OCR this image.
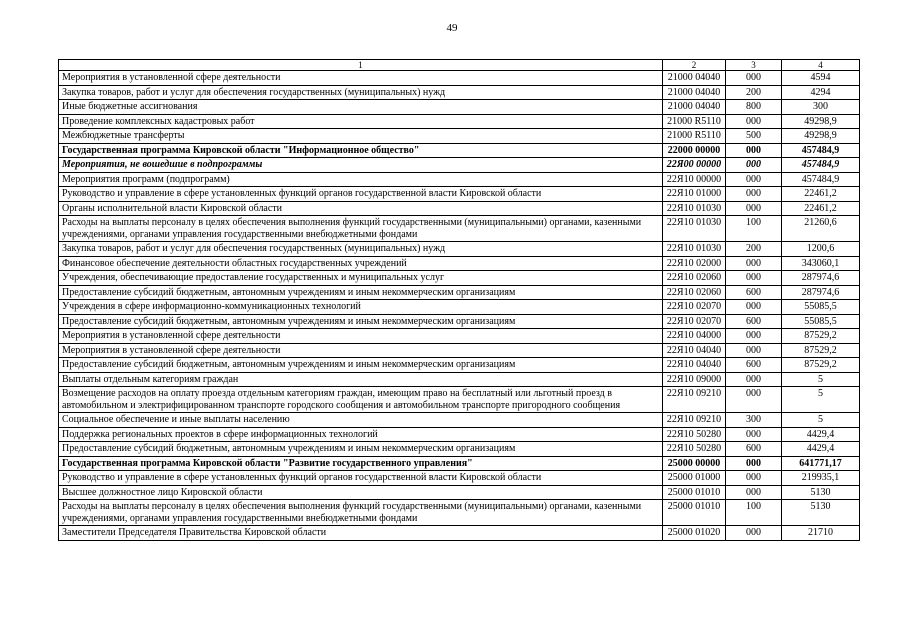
49
1	2	3	4
Мероприятия в установленной сфере деятельности	21000 04040	000	4594
Закупка товаров, работ и услуг для обеспечения государственных (муниципальных) нужд	21000 04040	200	4294
Иные бюджетные ассигнования	21000 04040	800	300
Проведение комплексных кадастровых работ	21000 R5110	000	49298,9
Межбюджетные трансферты	21000 R5110	500	49298,9
Государственная программа Кировской области "Информационное общество"	22000 00000	000	457484,9
Мероприятия, не вошедшие в подпрограммы	22Я00 00000	000	457484,9
Мероприятия программ (подпрограмм)	22Я10 00000	000	457484,9
Руководство и управление в сфере установленных функций органов государственной власти Кировской области	22Я10 01000	000	22461,2
Органы исполнительной власти Кировской области	22Я10 01030	000	22461,2
Расходы на выплаты персоналу в целях обеспечения выполнения функций государственными (муниципальными) органами, казенными учреждениями, органами управления государственными внебюджетными фондами	22Я10 01030	100	21260,6
Закупка товаров, работ и услуг для обеспечения государственных (муниципальных) нужд	22Я10 01030	200	1200,6
Финансовое обеспечение деятельности областных государственных учреждений	22Я10 02000	000	343060,1
Учреждения, обеспечивающие предоставление государственных и муниципальных услуг	22Я10 02060	000	287974,6
Предоставление субсидий бюджетным, автономным учреждениям и иным некоммерческим организациям	22Я10 02060	600	287974,6
Учреждения в сфере информационно-коммуникационных технологий	22Я10 02070	000	55085,5
Предоставление субсидий бюджетным, автономным учреждениям и иным некоммерческим организациям	22Я10 02070	600	55085,5
Мероприятия в установленной сфере деятельности	22Я10 04000	000	87529,2
Мероприятия в установленной сфере деятельности	22Я10 04040	000	87529,2
Предоставление субсидий бюджетным, автономным учреждениям и иным некоммерческим организациям	22Я10 04040	600	87529,2
Выплаты отдельным категориям граждан	22Я10 09000	000	5
Возмещение расходов на оплату проезда отдельным категориям граждан, имеющим право на бесплатный или льготный проезд в автомобильном и электрифицированном транспорте городского сообщения и автомобильном транспорте пригородного сообщения	22Я10 09210	000	5
Социальное обеспечение и иные выплаты населению	22Я10 09210	300	5
Поддержка региональных проектов в сфере информационных технологий	22Я10 50280	000	4429,4
Предоставление субсидий бюджетным, автономным учреждениям и иным некоммерческим организациям	22Я10 50280	600	4429,4
Государственная программа Кировской области "Развитие государственного управления"	25000 00000	000	641771,17
Руководство и управление в сфере установленных функций органов государственной власти Кировской области	25000 01000	000	219935,1
Высшее должностное лицо Кировской области	25000 01010	000	5130
Расходы на выплаты персоналу в целях обеспечения выполнения функций государственными (муниципальными) органами, казенными учреждениями, органами управления государственными внебюджетными фондами	25000 01010	100	5130
Заместители Председателя Правительства Кировской области	25000 01020	000	21710
